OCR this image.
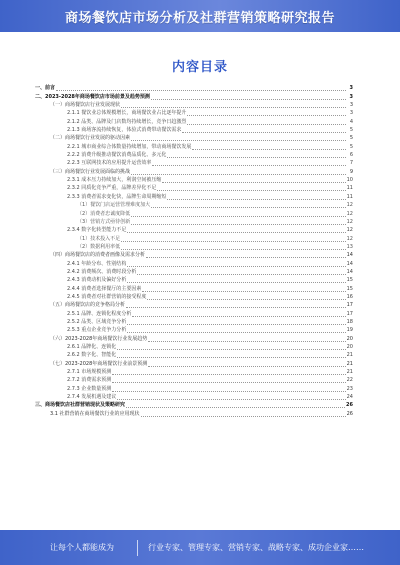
商场餐饮店市场分析及社群营销策略研究报告
内容目录
一、前言	3
二、2023-2028年商场餐饮店市场前景及趋势预测	3
（一）商场餐饮店行业发展现状	3
2.1.1 餐饮业总体规模增长，商场餐饮业占比逐年提升	3
2.1.2 品类、品牌及门店数均持续增长，竞争日趋激烈	4
2.1.3 商场客流持续恢复，体验式消费带动餐饮需求	5
（二）商场餐饮行业发展的驱动因素	5
2.2.1 城市商业综合体数量持续增加，带动商场餐饮发展	5
2.2.2 消费升级推动餐饮消费品质化、多元化	6
2.2.3 互联网技术的应用提升运营效率	7
（三）商场餐饮行业发展面临的挑战	9
2.3.1 成本压力持续加大，利润空间被压缩	10
2.3.2 同质化竞争严重，品牌差异化不足	11
2.3.3 消费者需求变化快，品牌生命周期缩短	11
（1）餐饮门店运营管理难度加大	12
（2）消费者忠诚度降低	12
（3）营销方式亟待创新	12
2.3.4 数字化转型能力不足	12
（1）技术投入不足	12
（2）数据利用率低	13
（四）商场餐饮店的消费者画像及需求分析	14
2.4.1 年龄分布、性别结构	14
2.4.2 消费频次、消费时段分析	14
2.4.3 消费动机及偏好分析	15
2.4.4 消费者选择餐厅的主要因素	15
2.4.5 消费者对社群营销的接受程度	16
（五）商场餐饮店的竞争格局分析	17
2.5.1 品牌、连锁化程度分析	17
2.5.2 品类、区域竞争分析	18
2.5.3 重点企业竞争力分析	19
（六）2023-2028年商场餐饮行业发展趋势	20
2.6.1 品牌化、连锁化	20
2.6.2 数字化、智能化	21
（七）2023-2028年商场餐饮行业前景预测	21
2.7.1 市场规模预测	21
2.7.2 消费需求预测	22
2.7.3 企业数量预测	23
2.7.4 发展机遇及建议	24
三、商场餐饮店社群营销现状及策略研究	26
3.1 社群营销在商场餐饮行业的应用现状	26
让每个人都能成为	行业专家、管理专家、营销专家、战略专家、成功企业家……
